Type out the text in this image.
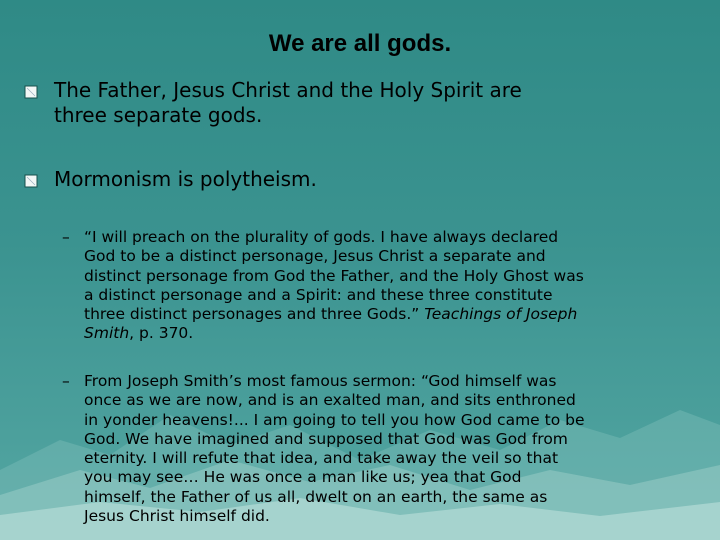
We are all gods.
The Father, Jesus Christ and the Holy Spirit are
three separate gods.
Mormonism is polytheism.
– “I will preach on the plurality of gods. I have always declared
God to be a distinct personage, Jesus Christ a separate and
distinct personage from God the Father, and the Holy Ghost was
a distinct personage and a Spirit: and these three constitute
three distinct personages and three Gods.” Teachings of Joseph
Smith, p. 370.
– From Joseph Smith’s most famous sermon: “God himself was
once as we are now, and is an exalted man, and sits enthroned
in yonder heavens!... I am going to tell you how God came to be
God. We have imagined and supposed that God was God from
eternity. I will refute that idea, and take away the veil so that
you may see… He was once a man like us; yea that God
himself, the Father of us all, dwelt on an earth, the same as
Jesus Christ himself did.
